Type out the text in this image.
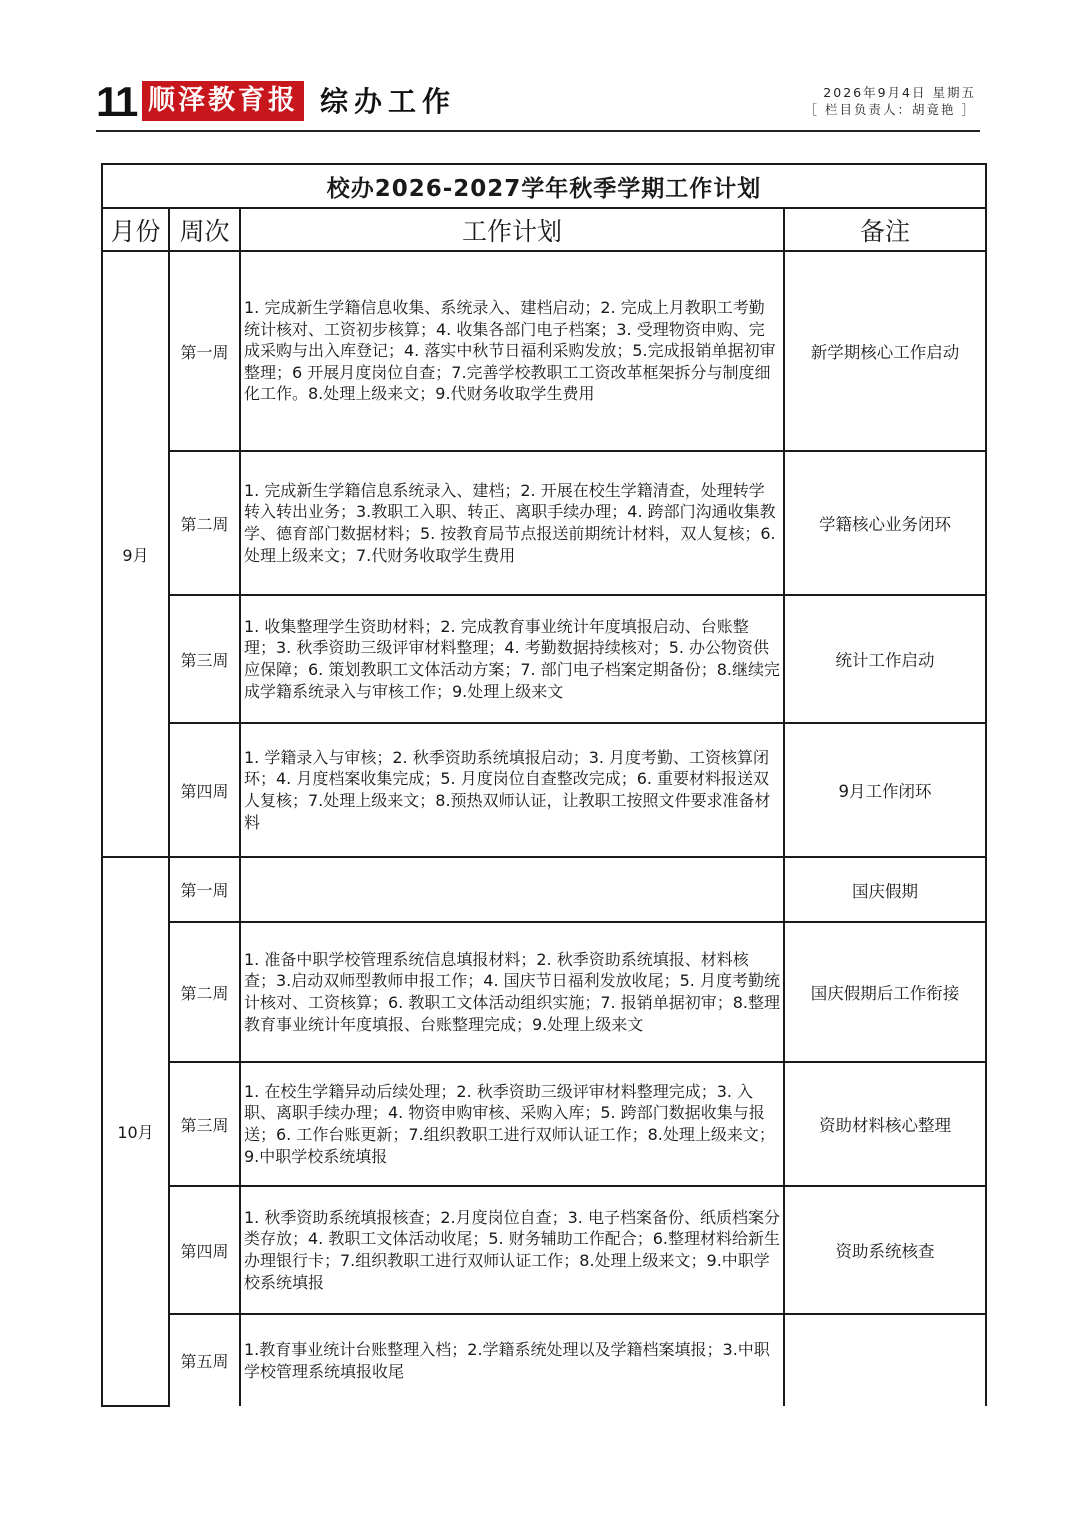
11 顺泽教育报 综办工作	2026年9月4日 星期五
［ 栏目负责人：胡竟艳 ］
校办2026-2027学年秋季学期工作计划			
月份	周次	工作计划	备注
9月	第一周	1. 完成新生学籍信息收集、系统录入、建档启动；2. 完成上月教职工考勤统计核对、工资初步核算；4. 收集各部门电子档案；3. 受理物资申购、完成采购与出入库登记；4. 落实中秋节日福利采购发放；5.完成报销单据初审整理；6 开展月度岗位自查；7.完善学校教职工工资改革框架拆分与制度细化工作。8.处理上级来文；9.代财务收取学生费用	新学期核心工作启动
	第二周	1. 完成新生学籍信息系统录入、建档；2. 开展在校生学籍清查，处理转学转入转出业务；3.教职工入职、转正、离职手续办理；4. 跨部门沟通收集教学、德育部门数据材料；5. 按教育局节点报送前期统计材料，双人复核；6.处理上级来文；7.代财务收取学生费用	学籍核心业务闭环
	第三周	1. 收集整理学生资助材料；2. 完成教育事业统计年度填报启动、台账整理；3. 秋季资助三级评审材料整理；4. 考勤数据持续核对；5. 办公物资供应保障；6. 策划教职工文体活动方案；7. 部门电子档案定期备份；8.继续完成学籍系统录入与审核工作；9.处理上级来文	统计工作启动
	第四周	1. 学籍录入与审核；2. 秋季资助系统填报启动；3. 月度考勤、工资核算闭环；4. 月度档案收集完成；5. 月度岗位自查整改完成；6. 重要材料报送双人复核；7.处理上级来文；8.预热双师认证，让教职工按照文件要求准备材料	9月工作闭环
10月	第一周		国庆假期
	第二周	1. 准备中职学校管理系统信息填报材料；2. 秋季资助系统填报、材料核查；3.启动双师型教师申报工作；4. 国庆节日福利发放收尾；5. 月度考勤统计核对、工资核算；6. 教职工文体活动组织实施；7. 报销单据初审；8.整理教育事业统计年度填报、台账整理完成；9.处理上级来文	国庆假期后工作衔接
	第三周	1. 在校生学籍异动后续处理；2. 秋季资助三级评审材料整理完成；3. 入职、离职手续办理；4. 物资申购审核、采购入库；5. 跨部门数据收集与报送；6. 工作台账更新；7.组织教职工进行双师认证工作；8.处理上级来文；9.中职学校系统填报	资助材料核心整理
	第四周	1. 秋季资助系统填报核查；2.月度岗位自查；3. 电子档案备份、纸质档案分类存放；4. 教职工文体活动收尾；5. 财务辅助工作配合；6.整理材料给新生办理银行卡；7.组织教职工进行双师认证工作；8.处理上级来文；9.中职学校系统填报	资助系统核查
	第五周	1.教育事业统计台账整理入档；2.学籍系统处理以及学籍档案填报；3.中职学校管理系统填报收尾	
